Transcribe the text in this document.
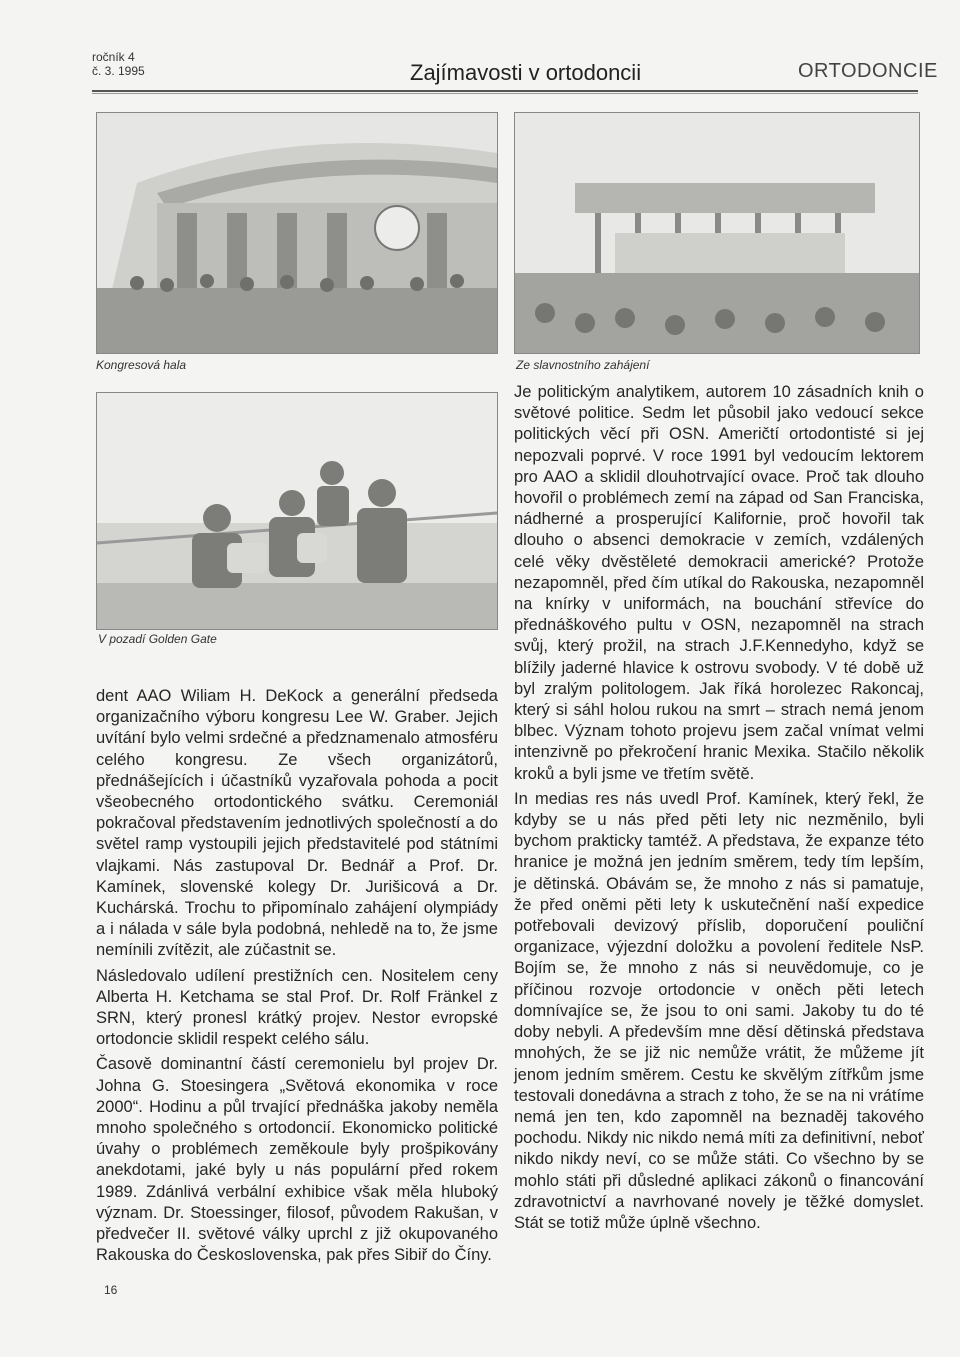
ročník 4
č. 3. 1995	Zajímavosti v ortodoncii	ORTODONCIE
Kongresová hala	Ze slavnostního zahájení
V pozadí Golden Gate

dent AAO Wiliam H. DeKock a generální předseda organizačního výboru kongresu Lee W. Graber. Jejich uvítání bylo velmi srdečné a předznamenalo atmosféru celého kongresu. Ze všech organizátorů, přednášejících i účastníků vyzařovala pohoda a pocit všeobecného ortodontického svátku. Ceremoniál pokračoval představením jednotlivých společností a do světel ramp vystoupili jejich představitelé pod státními vlajkami. Nás zastupoval Dr. Bednář a Prof. Dr. Kamínek, slovenské kolegy Dr. Jurišicová a Dr. Kuchárská. Trochu to připomínalo zahájení olympiády a i nálada v sále byla podobná, nehledě na to, že jsme nemínili zvítězit, ale zúčastnit se.

Následovalo udílení prestižních cen. Nositelem ceny Alberta H. Ketchama se stal Prof. Dr. Rolf Fränkel z SRN, který pronesl krátký projev. Nestor evropské ortodoncie sklidil respekt celého sálu.

Časově dominantní částí ceremonielu byl projev Dr. Johna G. Stoesingera „Světová ekonomika v roce 2000“. Hodinu a půl trvající přednáška jakoby neměla mnoho společného s ortodoncií. Ekonomicko politické úvahy o problémech zeměkoule byly prošpikovány anekdotami, jaké byly u nás populární před rokem 1989. Zdánlivá verbální exhibice však měla hluboký význam. Dr. Stoessinger, filosof, původem Rakušan, v předvečer II. světové války uprchl z již okupovaného Rakouska do Československa, pak přes Sibiř do Číny.

Je politickým analytikem, autorem 10 zásadních knih o světové politice. Sedm let působil jako vedoucí sekce politických věcí při OSN. Američtí ortodontisté si jej nepozvali poprvé. V roce 1991 byl vedoucím lektorem pro AAO a sklidil dlouhotrvající ovace. Proč tak dlouho hovořil o problémech zemí na západ od San Franciska, nádherné a prosperující Kalifornie, proč hovořil tak dlouho o absenci demokracie v zemích, vzdálených celé věky dvěstěleté demokracii americké? Protože nezapomněl, před čím utíkal do Rakouska, nezapomněl na knírky v uniformách, na bouchání střevíce do přednáškového pultu v OSN, nezapomněl na strach svůj, který prožil, na strach J.F.Kennedyho, když se blížily jaderné hlavice k ostrovu svobody. V té době už byl zralým politologem. Jak říká horolezec Rakoncaj, který si sáhl holou rukou na smrt – strach nemá jenom blbec. Význam tohoto projevu jsem začal vnímat velmi intenzivně po překročení hranic Mexika. Stačilo několik kroků a byli jsme ve třetím světě.

In medias res nás uvedl Prof. Kamínek, který řekl, že kdyby se u nás před pěti lety nic nezměnilo, byli bychom prakticky tamtéž. A představa, že expanze této hranice je možná jen jedním směrem, tedy tím lepším, je dětinská. Obávám se, že mnoho z nás si pamatuje, že před oněmi pěti lety k uskutečnění naší expedice potřebovali devizový příslib, doporučení pouliční organizace, výjezdní doložku a povolení ředitele NsP. Bojím se, že mnoho z nás si neuvědomuje, co je příčinou rozvoje ortodoncie v oněch pěti letech domnívajíce se, že jsou to oni sami. Jakoby tu do té doby nebyli. A především mne děsí dětinská představa mnohých, že se již nic nemůže vrátit, že můžeme jít jenom jedním směrem. Cestu ke skvělým zítřkům jsme testovali donedávna a strach z toho, že se na ni vrátíme nemá jen ten, kdo zapomněl na beznaděj takového pochodu. Nikdy nic nikdo nemá míti za definitivní, neboť nikdo nikdy neví, co se může státi. Co všechno by se mohlo státi při důsledné aplikaci zákonů o financování zdravotnictví a navrhované novely je těžké domyslet. Stát se totiž může úplně všechno.

16
